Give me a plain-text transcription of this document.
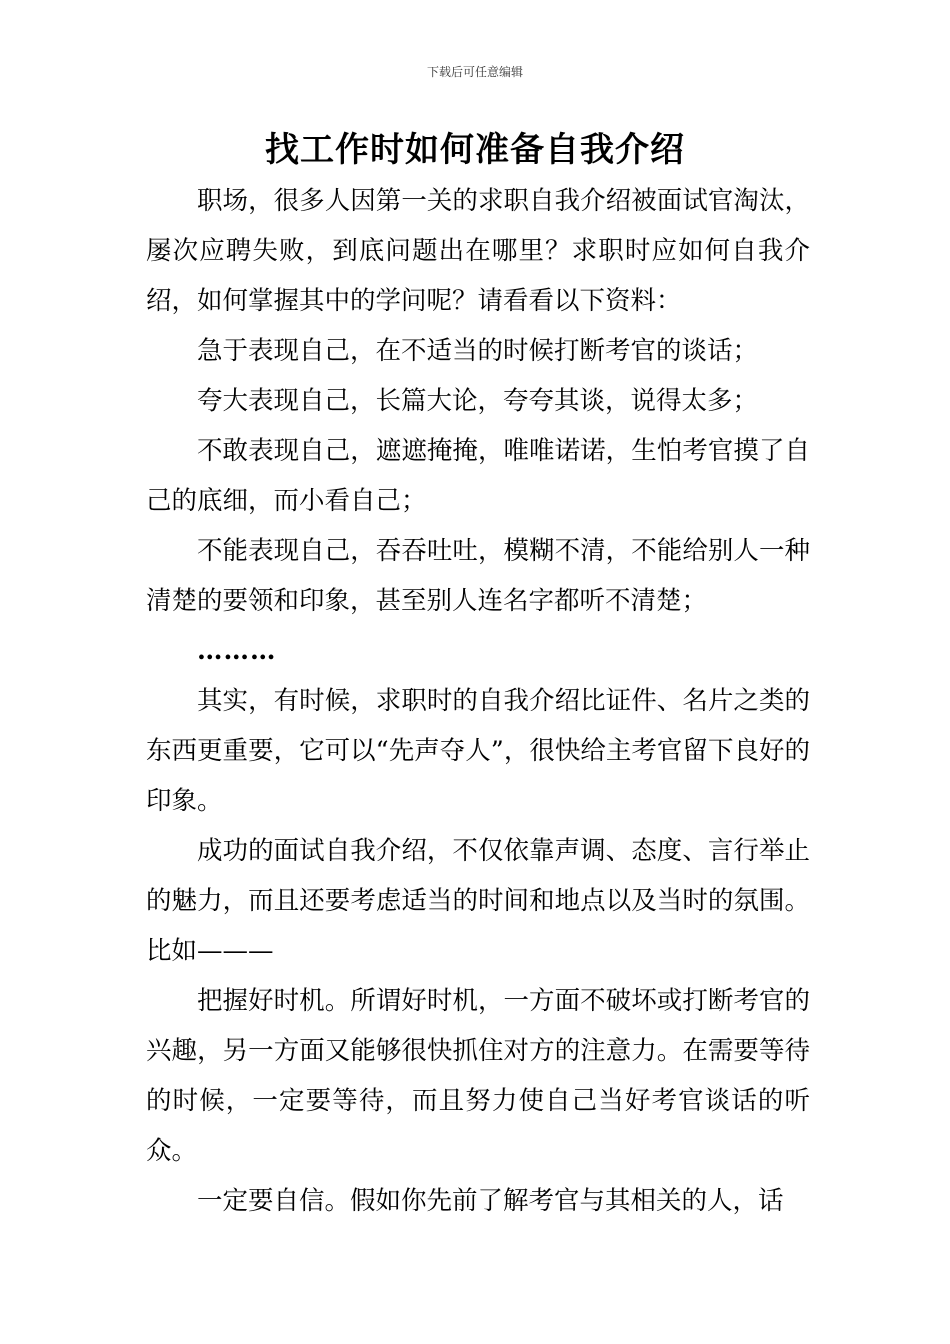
下载后可任意编辑
找工作时如何准备自我介绍

职场，很多人因第一关的求职自我介绍被面试官淘汰，屡次应聘失败，到底问题出在哪里？求职时应如何自我介绍，如何掌握其中的学问呢？请看看以下资料：

急于表现自己，在不适当的时候打断考官的谈话；

夸大表现自己，长篇大论，夸夸其谈，说得太多；

不敢表现自己，遮遮掩掩，唯唯诺诺，生怕考官摸了自己的底细，而小看自己；

不能表现自己，吞吞吐吐，模糊不清，不能给别人一种清楚的要领和印象，甚至别人连名字都听不清楚；

………

其实，有时候，求职时的自我介绍比证件、名片之类的东西更重要，它可以“先声夺人”，很快给主考官留下良好的印象。

成功的面试自我介绍，不仅依靠声调、态度、言行举止的魅力，而且还要考虑适当的时间和地点以及当时的氛围。比如———

把握好时机。所谓好时机，一方面不破坏或打断考官的兴趣，另一方面又能够很快抓住对方的注意力。在需要等待的时候，一定要等待，而且努力使自己当好考官谈话的听众。

一定要自信。假如你先前了解考官与其相关的人，话
